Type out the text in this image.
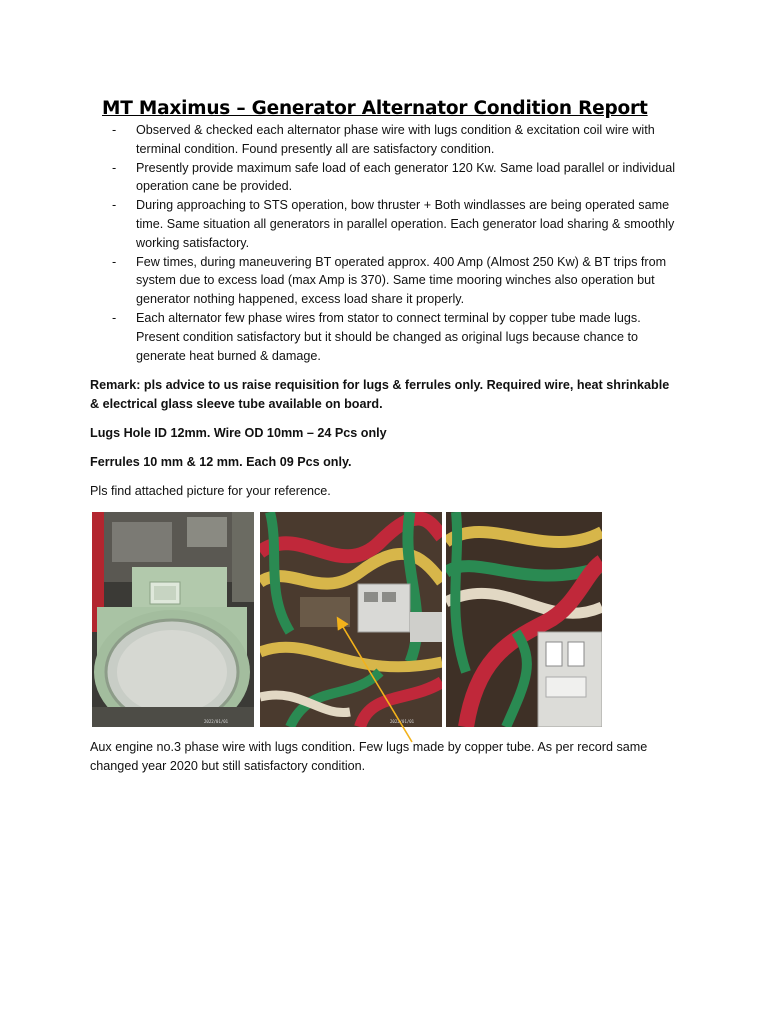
MT Maximus – Generator Alternator Condition Report
- Observed & checked each alternator phase wire with lugs condition & excitation coil wire with terminal condition. Found presently all are satisfactory condition.
- Presently provide maximum safe load of each generator 120 Kw. Same load parallel or individual operation cane be provided.
- During approaching to STS operation, bow thruster + Both windlasses are being operated same time. Same situation all generators in parallel operation. Each generator load sharing & smoothly working satisfactory.
- Few times, during maneuvering BT operated approx. 400 Amp (Almost 250 Kw) & BT trips from system due to excess load (max Amp is 370). Same time mooring winches also operation but generator nothing happened, excess load share it properly.
- Each alternator few phase wires from stator to connect terminal by copper tube made lugs. Present condition satisfactory but it should be changed as original lugs because chance to generate heat burned & damage.

Remark: pls advice to us raise requisition for lugs & ferrules only. Required wire, heat shrinkable & electrical glass sleeve tube available on board.

Lugs Hole ID 12mm. Wire OD 10mm – 24 Pcs only

Ferrules 10 mm & 12 mm. Each 09 Pcs only.

Pls find attached picture for your reference.

2022/01/01	2022/01/01

Aux engine no.3 phase wire with lugs condition. Few lugs made by copper tube. As per record same changed year 2020 but still satisfactory condition.
